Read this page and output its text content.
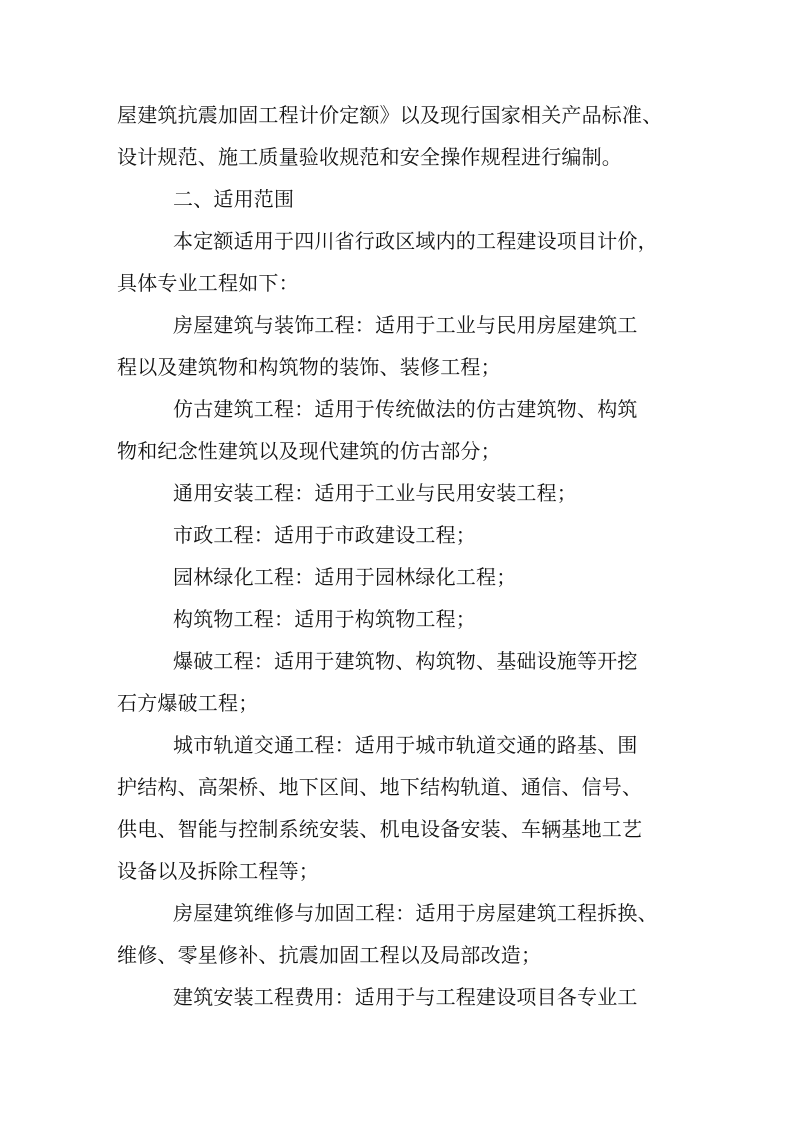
屋建筑抗震加固工程计价定额》以及现行国家相关产品标准、
设计规范、施工质量验收规范和安全操作规程进行编制。
二、适用范围
本定额适用于四川省行政区域内的工程建设项目计价，
具体专业工程如下：
房屋建筑与装饰工程：适用于工业与民用房屋建筑工
程以及建筑物和构筑物的装饰、装修工程；
仿古建筑工程：适用于传统做法的仿古建筑物、构筑
物和纪念性建筑以及现代建筑的仿古部分；
通用安装工程：适用于工业与民用安装工程；
市政工程：适用于市政建设工程；
园林绿化工程：适用于园林绿化工程；
构筑物工程：适用于构筑物工程；
爆破工程：适用于建筑物、构筑物、基础设施等开挖
石方爆破工程；
城市轨道交通工程：适用于城市轨道交通的路基、围
护结构、高架桥、地下区间、地下结构轨道、通信、信号、
供电、智能与控制系统安装、机电设备安装、车辆基地工艺
设备以及拆除工程等；
房屋建筑维修与加固工程：适用于房屋建筑工程拆换、
维修、零星修补、抗震加固工程以及局部改造；
建筑安装工程费用：适用于与工程建设项目各专业工
